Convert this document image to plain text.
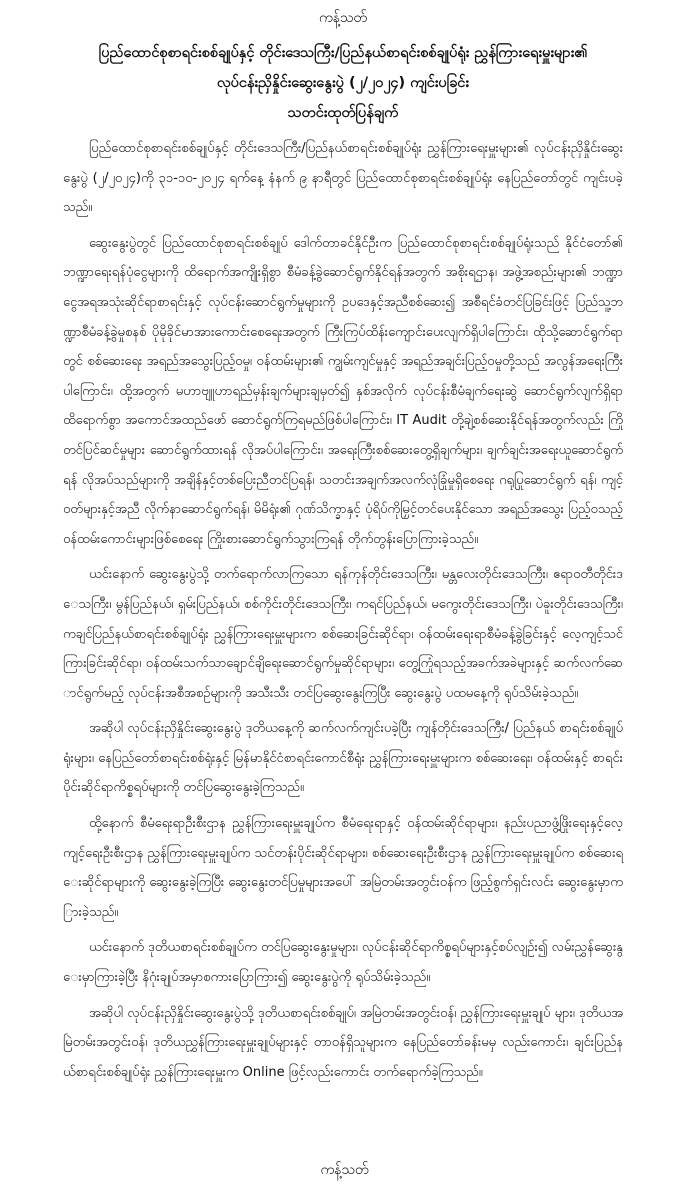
ကန့်သတ်

ပြည်ထောင်စုစာရင်းစစ်ချုပ်နှင့် တိုင်းဒေသကြီး/ပြည်နယ်စာရင်းစစ်ချုပ်ရုံး ညွှန်ကြားရေးမှူးများ၏

လုပ်ငန်းညှိနှိုင်းဆွေးနွေးပွဲ (၂/၂၀၂၄) ကျင်းပခြင်း

သတင်းထုတ်ပြန်ချက်

ပြည်ထောင်စုစာရင်းစစ်ချုပ်နှင့် တိုင်းဒေသကြီး/ပြည်နယ်စာရင်းစစ်ချုပ်ရုံး ညွှန်ကြားရေးမှူးများ၏ လုပ်ငန်းညှိနှိုင်းဆွေးနွေးပွဲ (၂/၂၀၂၄)ကို ၃၁-၁၀-၂၀၂၄ ရက်နေ့ နံနက် ၉ နာရီတွင် ပြည်ထောင်စုစာရင်းစစ်ချုပ်ရုံး နေပြည်တော်တွင် ကျင်းပခဲ့သည်။

ဆွေးနွေးပွဲတွင် ပြည်ထောင်စုစာရင်းစစ်ချုပ် ဒေါက်တာခင်နိုင်ဦးက ပြည်ထောင်စုစာရင်းစစ်ချုပ်ရုံးသည် နိုင်ငံတော်၏ ဘဏ္ဍာရေးရန်ပုံငွေများကို ထိရောက်အကျိုးရှိစွာ စီမံခန့်ခွဲဆောင်ရွက်နိုင်ရန်အတွက် အစိုးရဌာန၊ အဖွဲ့အစည်းများ၏ ဘဏ္ဍာငွေအရအသုံးဆိုင်ရာစာရင်းနှင့် လုပ်ငန်းဆောင်ရွက်မှုများကို ဥပဒေနှင့်အညီစစ်ဆေး၍ အစီရင်ခံတင်ပြခြင်းဖြင့် ပြည်သူ့ဘဏ္ဍာစီမံခန့်ခွဲမှုစနစ် ပိုမိုခိုင်မာအားကောင်းစေရေးအတွက် ကြီးကြပ်ထိန်းကျောင်းပေးလျက်ရှိပါကြောင်း၊ ထိုသို့ဆောင်ရွက်ရာတွင် စစ်ဆေးရေး အရည်အသွေးပြည့်ဝမှု၊ ဝန်ထမ်းများ၏ ကျွမ်းကျင်မှုနှင့် အရည်အချင်းပြည့်ဝမှုတို့သည် အလွန်အရေးကြီးပါကြောင်း၊ ထို့အတွက် မဟာဗျူဟာရည်မှန်းချက်များချမှတ်၍ နှစ်အလိုက် လုပ်ငန်းစီမံချက်ရေးဆွဲ ဆောင်ရွက်လျက်ရှိရာ ထိရောက်စွာ အကောင်အထည်ဖော် ဆောင်ရွက်ကြရမည်ဖြစ်ပါကြောင်း၊ IT Audit တို့ချဲ့စစ်ဆေးနိုင်ရန်အတွက်လည်း ကြိုတင်ပြင်ဆင်မှုများ ဆောင်ရွက်ထားရန် လိုအပ်ပါကြောင်း၊ အရေးကြီးစစ်ဆေးတွေ့ရှိချက်များ၊ ချက်ချင်းအရေးယူဆောင်ရွက်ရန် လိုအပ်သည်များကို အချိန်နှင့်တစ်ပြေးညီတင်ပြရန်၊ သတင်းအချက်အလက်လုံခြုံမှုရှိစေရေး ဂရုပြုဆောင်ရွက် ရန်၊ ကျင့်ဝတ်များနှင့်အညီ လိုက်နာဆောင်ရွက်ရန်၊ မိမိရုံး၏ ဂုဏ်သိက္ခာနှင့် ပုံရိပ်ကိုမြှင့်တင်ပေးနိုင်သော အရည်အသွေး ပြည့်ဝသည့် ဝန်ထမ်းကောင်းများဖြစ်စေရေး ကြိုးစားဆောင်ရွက်သွားကြရန် တိုက်တွန်းပြောကြားခဲ့သည်။

ယင်းနောက် ဆွေးနွေးပွဲသို့ တက်ရောက်လာကြသော ရန်ကုန်တိုင်းဒေသကြီး၊ မန္တလေးတိုင်းဒေသကြီး၊ ဧရာဝတီတိုင်းဒေသကြီး၊ မွန်ပြည်နယ်၊ ရှမ်းပြည်နယ်၊ စစ်ကိုင်းတိုင်းဒေသကြီး၊ ကရင်ပြည်နယ်၊ မကွေးတိုင်းဒေသကြီး၊ ပဲခူးတိုင်းဒေသကြီး၊ ကချင်ပြည်နယ်စာရင်းစစ်ချုပ်ရုံး ညွှန်ကြားရေးမှူးများက စစ်ဆေးခြင်းဆိုင်ရာ၊ ဝန်ထမ်းရေးရာစီမံခန့်ခွဲခြင်းနှင့် လေ့ကျင့်သင်ကြားခြင်းဆိုင်ရာ၊ ဝန်ထမ်းသက်သာချောင်ချိရေးဆောင်ရွက်မှုဆိုင်ရာများ၊ တွေ့ကြုံရသည့်အခက်အခဲများနှင့် ဆက်လက်ဆောင်ရွက်မည့် လုပ်ငန်းအစီအစဉ်များကို အသီးသီး တင်ပြဆွေးနွေးကြပြီး ဆွေးနွေးပွဲ ပထမနေ့ကို ရုပ်သိမ်းခဲ့သည်။

အဆိုပါ လုပ်ငန်းညှိနှိုင်းဆွေးနွေးပွဲ ဒုတိယနေ့ကို ဆက်လက်ကျင်းပခဲ့ပြီး ကျန်တိုင်းဒေသကြီး/ ပြည်နယ် စာရင်းစစ်ချုပ်ရုံးများ၊ နေပြည်တော်စာရင်းစစ်ရုံးနှင့် မြန်မာနိုင်ငံစာရင်းကောင်စီရုံး ညွှန်ကြားရေးမှူးများက စစ်ဆေးရေး၊ ဝန်ထမ်းနှင့် စာရင်းပိုင်းဆိုင်ရာကိစ္စရပ်များကို တင်ပြဆွေးနွေးခဲ့ကြသည်။

ထို့နောက် စီမံရေးရာဦးစီးဌာန ညွှန်ကြားရေးမှူးချုပ်က စီမံရေးရာနှင့် ဝန်ထမ်းဆိုင်ရာများ၊ နည်းပညာဖွံ့ဖြိုးရေးနှင့်လေ့ကျင့်ရေးဦးစီးဌာန ညွှန်ကြားရေးမှူးချုပ်က သင်တန်းပိုင်းဆိုင်ရာများ၊ စစ်ဆေးရေးဦးစီးဌာန ညွှန်ကြားရေးမှူးချုပ်က စစ်ဆေးရေးဆိုင်ရာများကို ဆွေးနွေးခဲ့ကြပြီး ဆွေးနွေးတင်ပြမှုများအပေါ် အမြဲတမ်းအတွင်းဝန်က ဖြည့်စွက်ရှင်းလင်း ဆွေးနွေးမှာကြားခဲ့သည်။

ယင်းနောက် ဒုတိယစာရင်းစစ်ချုပ်က တင်ပြဆွေးနွေးမှုများ၊ လုပ်ငန်းဆိုင်ရာကိစ္စရပ်များနှင့်စပ်လျဉ်း၍ လမ်းညွှန်ဆွေးနွေးမှာကြားခဲ့ပြီး နိဂုံးချုပ်အမှာစကားပြောကြား၍ ဆွေးနွေးပွဲကို ရုပ်သိမ်းခဲ့သည်။

အဆိုပါ လုပ်ငန်းညှိနှိုင်းဆွေးနွေးပွဲသို့ ဒုတိယစာရင်းစစ်ချုပ်၊ အမြဲတမ်းအတွင်းဝန်၊ ညွှန်ကြားရေးမှူးချုပ် များ၊ ဒုတိယအမြဲတမ်းအတွင်းဝန်၊ ဒုတိယညွှန်ကြားရေးမှူးချုပ်များနှင့် တာဝန်ရှိသူများက နေပြည်တော်ခန်းမမှ လည်းကောင်း၊ ချင်းပြည်နယ်စာရင်းစစ်ချုပ်ရုံး ညွှန်ကြားရေးမှူးက Online ဖြင့်လည်းကောင်း တက်ရောက်ခဲ့ကြသည်။

ကန့်သတ်
